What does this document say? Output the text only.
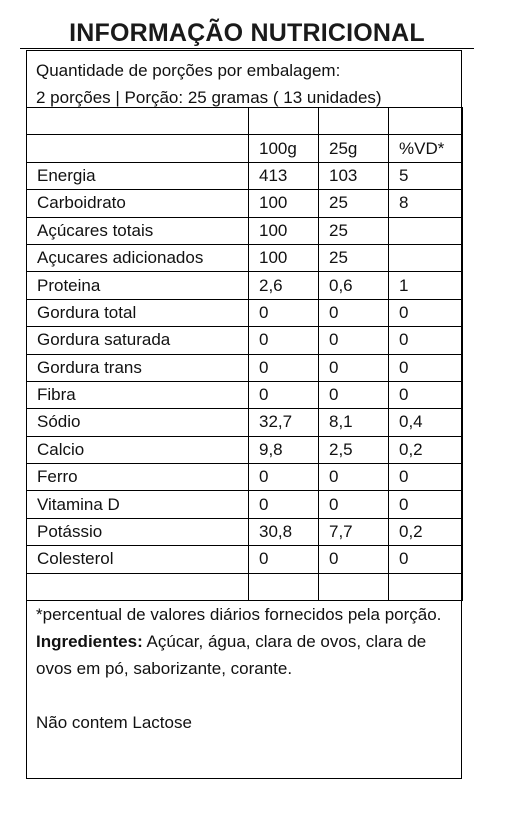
INFORMAÇÃO NUTRICIONAL
Quantidade de porções por embalagem:
2 porções | Porção: 25 gramas ( 13 unidades)

	100g	25g	%VD*
Energia	413	103	5
Carboidrato	100	25	8
Açúcares totais	100	25	
Açucares adicionados	100	25	
Proteina	2,6	0,6	1
Gordura total	0	0	0
Gordura saturada	0	0	0
Gordura trans	0	0	0
Fibra	0	0	0
Sódio	32,7	8,1	0,4
Calcio	9,8	2,5	0,2
Ferro	0	0	0
Vitamina D	0	0	0
Potássio	30,8	7,7	0,2
Colesterol	0	0	0

*percentual de valores diários fornecidos pela porção.

Ingredientes: Açúcar, água, clara de ovos, clara de ovos em pó, saborizante, corante.

Não contem Lactose
